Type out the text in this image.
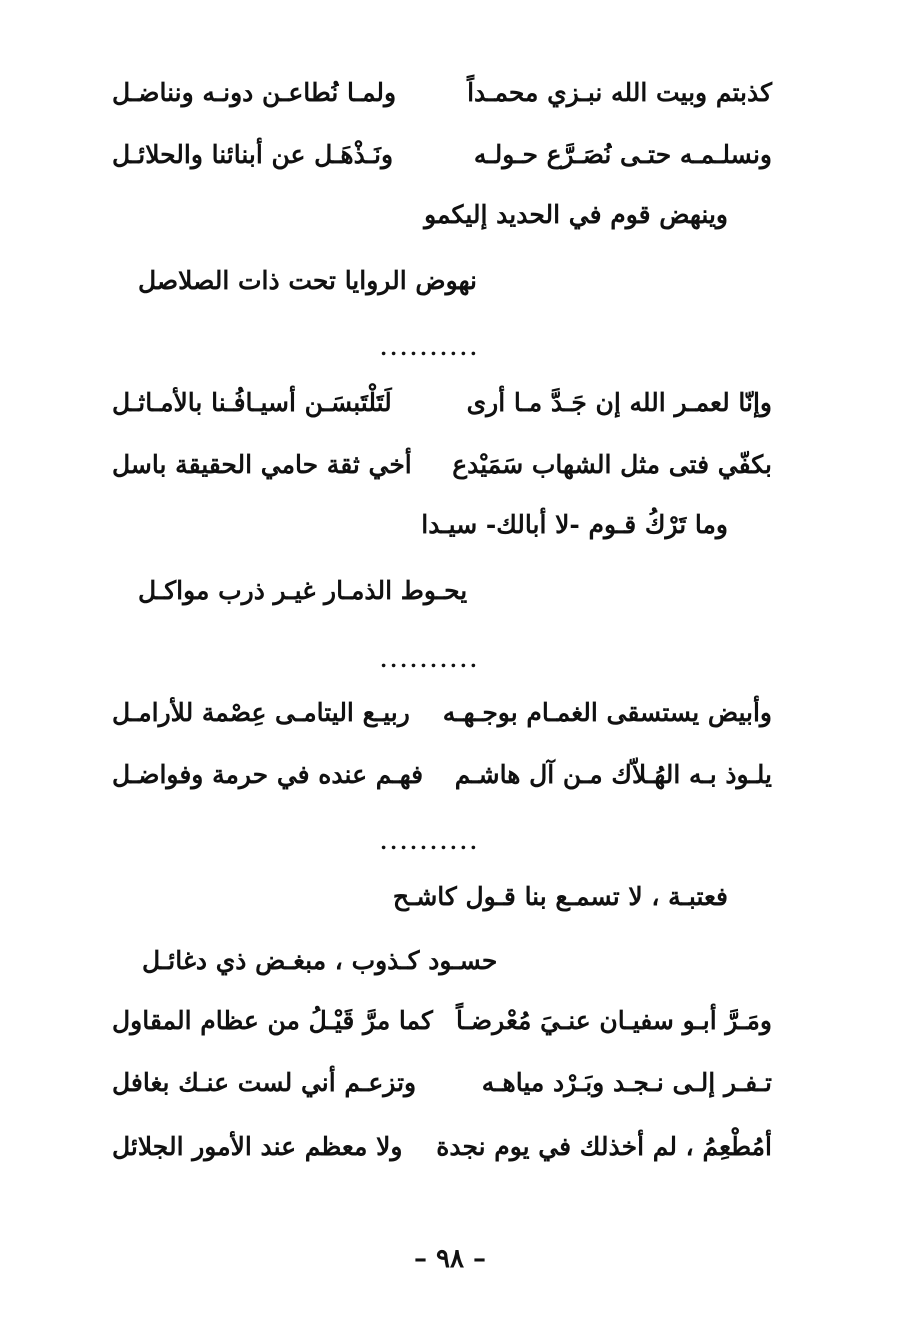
كذبتم وبيت الله نبـزي محمـداً
ولمـا نُطاعـن دونـه ونناضـل
ونسلـمـه حتـى نُصَـرَّع حـولـه
ونَـذْهَـل عن أبنائنا والحلائـل
وينهض قوم في الحديد إليكمو
نهوض الروايا تحت ذات الصلاصل
..........
وإنّا لعمـر الله إن جَـدَّ مـا أرى
لَتَلْتَبسَـن أسيـافُـنا بالأمـاثـل
بكفّي فتى مثل الشهاب سَمَيْدع
أخي ثقة حامي الحقيقة باسل
وما تَرْكُ قـوم -لا أبالك- سيـدا
يحـوط الذمـار غيـر ذرب مواكـل
..........
وأبيض يستسقى الغمـام بوجـهـه
ربيـع اليتامـى عِصْمة للأرامـل
يلـوذ بـه الهُـلاّك مـن آل هاشـم
فهـم عنده في حرمة وفواضـل
..........
فعتبـة ، لا تسمـع بنا قـول كاشـح
حسـود كـذوب ، مبغـض ذي دغائـل
ومَـرَّ أبـو سفيـان عنـيَ مُعْرضـاً
كما مرَّ قَيْـلُ من عظام المقاول
تـفـر إلـى نـجـد وبَـرْد مياهـه
وتزعـم أني لست عنـك بغافل
أمُطْعِمُ ، لم أخذلك في يوم نجدة
ولا معظم عند الأمور الجلائل
– ٩٨ –
